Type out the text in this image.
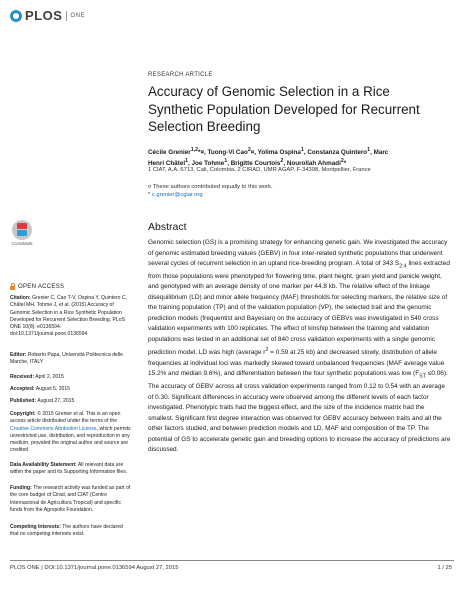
PLOS ONE
RESEARCH ARTICLE
Accuracy of Genomic Selection in a Rice Synthetic Population Developed for Recurrent Selection Breeding
Cécile Grenier$^{1,2}$*¤, Tuong-Vi Cao$^2$¤, Yolima Ospina$^1$, Constanza Quintero$^1$, Marc
Henri Châtel$^1$, Joe Tohme$^1$, Brigitte Courtois$^2$, Nourollah Ahmadi$^2$*
1 CIAT, A.A. 6713, Cali, Colombia, 2 CIRAD, UMR AGAP, F-34398, Montpellier, France
¤ These authors contributed equally to this work.
* c.grenier@cgiar.org
Abstract

Genomic selection (GS) is a promising strategy for enhancing genetic gain. We investigated the accuracy of genomic estimated breeding values (GEBV) in four inter-related synthetic populations that underwent several cycles of recurrent selection in an upland rice-breeding program. A total of 343 $S_{2:4}$ lines extracted from those populations were phenotyped for flowering time, plant height, grain yield and panicle weight, and genotyped with an average density of one marker per 44.8 kb. The relative effect of the linkage disequilibrium (LD) and minor allele frequency (MAF) thresholds for selecting markers, the relative size of the training population (TP) and of the validation population (VP), the selected trait and the genomic prediction models (frequentist and Bayesian) on the accuracy of GEBVs was investigated in 540 cross validation experiments with 100 replicates. The effect of kinship between the training and validation populations was tested in an additional set of 840 cross validation experiments with a single genomic prediction model. LD was high (average $r^2 = 0.59$ at 25 kb) and decreased slowly, distribution of allele frequencies at individual loci was markedly skewed toward unbalanced frequencies (MAF average value 15.2% and median 9.6%), and differentiation between the four synthetic populations was low $(F_{ST} \le 0.06)$. The accuracy of GEBV across all cross validation experiments ranged from 0.12 to 0.54 with an average of 0.30. Significant differences in accuracy were observed among the different levels of each factor investigated. Phenotypic traits had the biggest effect, and the size of the incidence matrix had the smallest. Significant first degree interaction was observed for GEBV accuracy between traits and all the other factors studied, and between prediction models and LD, MAF and composition of the TP. The potential of GS to accelerate genetic gain and breeding options to increase the accuracy of predictions are discussed.

CrossMark
OPEN ACCESS

Citation: Grenier C, Cao T-V, Ospina Y, Quintero C, Châtel MH, Tohme J, et al. (2015) Accuracy of Genomic Selection in a Rice Synthetic Population Developed for Recurrent Selection Breeding. PLoS ONE 10(8): e0136594. doi:10.1371/journal.pone.0136594

Editor: Roberto Papa, Università Politecnica delle Marche, ITALY

Received: April 2, 2015

Accepted: August 5, 2015

Published: August 27, 2015

Copyright: © 2015 Grenier et al. This is an open access article distributed under the terms of the Creative Commons Attribution License, which permits unrestricted use, distribution, and reproduction in any medium, provided the original author and source are credited

Data Availability Statement: All relevant data are within the paper and its Supporting Information files.

Funding: The research activity was funded as part of the core budget of Cirad, and CIAT (Centro Internacional de Agricultura Tropical) and specific funds from the Agropolis Foundation.

Competing Interests: The authors have declared that no competing interests exist.

PLOS ONE | DOI:10.1371/journal.pone.0136594 August 27, 2015	1 / 25
